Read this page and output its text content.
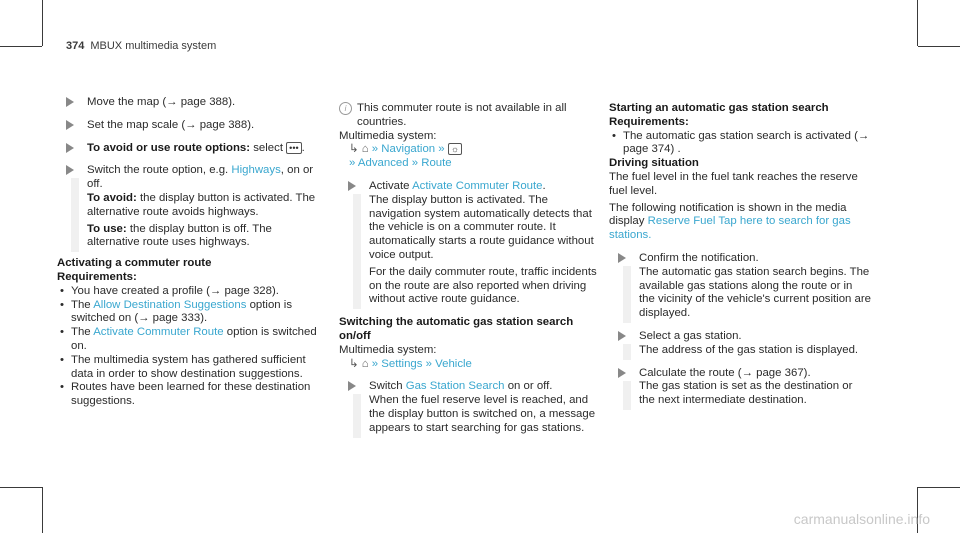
374 MBUX multimedia system
Move the map (→ page 388).
Set the map scale (→ page 388).
To avoid or use route options: select ••• .

Switch the route option, e.g. Highways, on or off.

To avoid: the display button is activated. The alternative route avoids highways.

To use: the display button is off. The alternative route uses highways.

Activating a commuter route

Requirements:

• You have created a profile (→ page 328).
• The Allow Destination Suggestions option is switched on (→ page 333).
• The Activate Commuter Route option is switched on.
• The multimedia system has gathered sufficient data in order to show destination suggestions.
• Routes have been learned for these destination suggestions.
i This commuter route is not available in all countries.

Multimedia system:

↳ ⌂ » Navigation » ☼
» Advanced » Route

Activate Activate Commuter Route.

The display button is activated. The navigation system automatically detects that the vehicle is on a commuter route. It automatically starts a route guidance without voice output.

For the daily commuter route, traffic incidents on the route are also reported when driving without active route guidance.

Switching the automatic gas station search on/off

Multimedia system:

↳ ⌂ » Settings » Vehicle

Switch Gas Station Search on or off.

When the fuel reserve level is reached, and the display button is switched on, a message appears to start searching for gas stations.

Starting an automatic gas station search

Requirements:

• The automatic gas station search is activated (→ page 374) .

Driving situation

The fuel level in the fuel tank reaches the reserve fuel level.

The following notification is shown in the media display Reserve Fuel Tap here to search for gas stations.

Confirm the notification.

The automatic gas station search begins. The available gas stations along the route or in the vicinity of the vehicle's current position are displayed.

Select a gas station.

The address of the gas station is displayed.

Calculate the route (→ page 367).

The gas station is set as the destination or the next intermediate destination.

carmanualsonline.info
